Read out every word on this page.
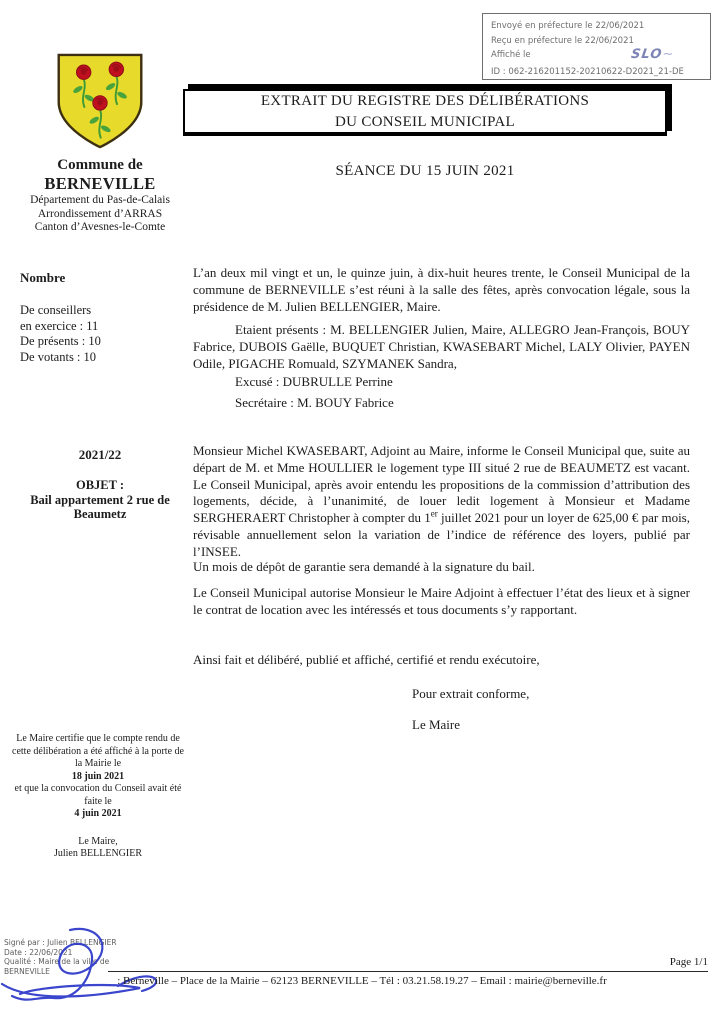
Envoyé en préfecture le 22/06/2021
Reçu en préfecture le 22/06/2021
Affiché le	SLO∼
ID : 062-216201152-20210622-D2021_21-DE
Commune de
BERNEVILLE
Département du Pas-de-Calais
Arrondissement d’ARRAS
Canton d’Avesnes-le-Comte
EXTRAIT DU REGISTRE DES DÉLIBÉRATIONS
DU CONSEIL MUNICIPAL
SÉANCE DU 15 JUIN 2021
Nombre
De conseillers
en exercice : 11
De présents : 10
De votants : 10
2021/22
OBJET :
Bail appartement 2 rue de
Beaumetz
L’an deux mil vingt et un, le quinze juin, à dix-huit heures trente, le Conseil Municipal de la commune de BERNEVILLE s’est réuni à la salle des fêtes, après convocation légale, sous la présidence de M. Julien BELLENGIER, Maire.
Etaient présents : M. BELLENGIER Julien, Maire, ALLEGRO Jean-François, BOUY Fabrice, DUBOIS Gaëlle, BUQUET Christian, KWASEBART Michel, LALY Olivier, PAYEN Odile, PIGACHE Romuald, SZYMANEK Sandra,
Excusé : DUBRULLE Perrine
Secrétaire : M. BOUY Fabrice
Monsieur Michel KWASEBART, Adjoint au Maire, informe le Conseil Municipal que, suite au départ de M. et Mme HOULLIER le logement type III situé 2 rue de BEAUMETZ est vacant. Le Conseil Municipal, après avoir entendu les propositions de la commission d’attribution des logements, décide, à l’unanimité, de louer ledit logement à Monsieur et Madame SERGHERAERT Christopher à compter du 1er juillet 2021 pour un loyer de 625,00 € par mois, révisable annuellement selon la variation de l’indice de référence des loyers, publié par l’INSEE.
Un mois de dépôt de garantie sera demandé à la signature du bail.
Le Conseil Municipal autorise Monsieur le Maire Adjoint à effectuer l’état des lieux et à signer le contrat de location avec les intéressés et tous documents s’y rapportant.
Ainsi fait et délibéré, publié et affiché, certifié et rendu exécutoire,
Pour extrait conforme,
Le Maire
Le Maire certifie que le compte rendu de cette délibération a été affiché à la porte de la Mairie le
18 juin 2021
et que la convocation du Conseil avait été faite le
4 juin 2021
Le Maire,
Julien BELLENGIER
Signé par : Julien BELLENGIER
Date : 22/06/2021
Qualité : Maire de la ville de
BERNEVILLE
Page 1/1
: Berneville – Place de la Mairie – 62123 BERNEVILLE – Tél : 03.21.58.19.27 – Email : mairie@berneville.fr
